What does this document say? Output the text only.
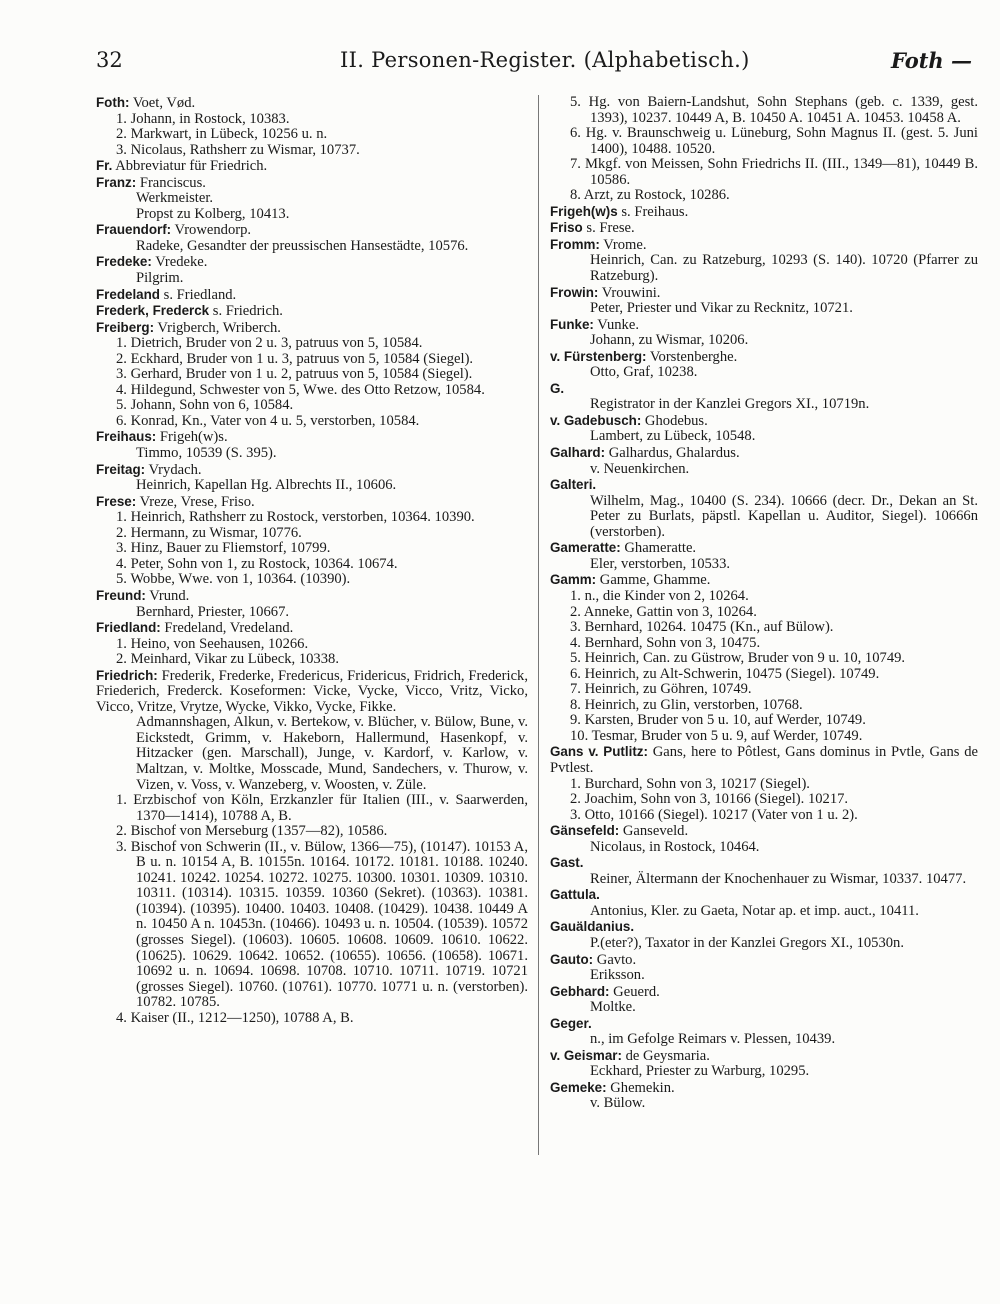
32	II. Personen-Register. (Alphabetisch.)	Foth —
Foth: Voet, Vød.
1. Johann, in Rostock, 10383.
2. Markwart, in Lübeck, 10256 u. n.
3. Nicolaus, Rathsherr zu Wismar, 10737.
Fr. Abbreviatur für Friedrich.
Franz: Franciscus.
Werkmeister.
Propst zu Kolberg, 10413.
Frauendorf: Vrowendorp.
Radeke, Gesandter der preussischen Hansestädte, 10576.
Fredeke: Vredeke.
Pilgrim.
Fredeland s. Friedland.
Frederk, Frederck s. Friedrich.
Freiberg: Vrigberch, Wriberch.
1. Dietrich, Bruder von 2 u. 3, patruus von 5, 10584.
2. Eckhard, Bruder von 1 u. 3, patruus von 5, 10584 (Siegel).
3. Gerhard, Bruder von 1 u. 2, patruus von 5, 10584 (Siegel).
4. Hildegund, Schwester von 5, Wwe. des Otto Retzow, 10584.
5. Johann, Sohn von 6, 10584.
6. Konrad, Kn., Vater von 4 u. 5, verstorben, 10584.
Freihaus: Frigeh(w)s.
Timmo, 10539 (S. 395).
Freitag: Vrydach.
Heinrich, Kapellan Hg. Albrechts II., 10606.
Frese: Vreze, Vrese, Friso.
1. Heinrich, Rathsherr zu Rostock, verstorben, 10364. 10390.
2. Hermann, zu Wismar, 10776.
3. Hinz, Bauer zu Fliemstorf, 10799.
4. Peter, Sohn von 1, zu Rostock, 10364. 10674.
5. Wobbe, Wwe. von 1, 10364. (10390).
Freund: Vrund.
Bernhard, Priester, 10667.
Friedland: Fredeland, Vredeland.
1. Heino, von Seehausen, 10266.
2. Meinhard, Vikar zu Lübeck, 10338.
Friedrich: Frederik, Frederke, Fredericus, Fridericus, Fridrich, Frederick, Friederich, Frederck. Koseformen: Vicke, Vycke, Vicco, Vritz, Vicko, Vicco, Vritze, Vrytze, Wycke, Vikko, Vycke, Fikke.
Admannshagen, Alkun, v. Bertekow, v. Blücher, v. Bülow, Bune, v. Eickstedt, Grimm, v. Hakeborn, Hallermund, Hasenkopf, v. Hitzacker (gen. Marschall), Junge, v. Kardorf, v. Karlow, v. Maltzan, v. Moltke, Mosscade, Mund, Sandechers, v. Thurow, v. Vizen, v. Voss, v. Wanzeberg, v. Woosten, v. Züle.
1. Erzbischof von Köln, Erzkanzler für Italien (III., v. Saarwerden, 1370—1414), 10788 A, B.
2. Bischof von Merseburg (1357—82), 10586.
3. Bischof von Schwerin (II., v. Bülow, 1366—75), (10147). 10153 A, B u. n. 10154 A, B. 10155n. 10164. 10172. 10181. 10188. 10240. 10241. 10242. 10254. 10272. 10275. 10300. 10301. 10309. 10310. 10311. (10314). 10315. 10359. 10360 (Sekret). (10363). 10381. (10394). (10395). 10400. 10403. 10408. (10429). 10438. 10449 A n. 10450 A n. 10453n. (10466). 10493 u. n. 10504. (10539). 10572 (grosses Siegel). (10603). 10605. 10608. 10609. 10610. 10622. (10625). 10629. 10642. 10652. (10655). 10656. (10658). 10671. 10692 u. n. 10694. 10698. 10708. 10710. 10711. 10719. 10721 (grosses Siegel). 10760. (10761). 10770. 10771 u. n. (verstorben). 10782. 10785.
4. Kaiser (II., 1212—1250), 10788 A, B.
5. Hg. von Baiern-Landshut, Sohn Stephans (geb. c. 1339, gest. 1393), 10237. 10449 A, B. 10450 A. 10451 A. 10453. 10458 A.
6. Hg. v. Braunschweig u. Lüneburg, Sohn Magnus II. (gest. 5. Juni 1400), 10488. 10520.
7. Mkgf. von Meissen, Sohn Friedrichs II. (III., 1349—81), 10449 B. 10586.
8. Arzt, zu Rostock, 10286.
Frigeh(w)s s. Freihaus.
Friso s. Frese.
Fromm: Vrome.
Heinrich, Can. zu Ratzeburg, 10293 (S. 140). 10720 (Pfarrer zu Ratzeburg).
Frowin: Vrouwini.
Peter, Priester und Vikar zu Recknitz, 10721.
Funke: Vunke.
Johann, zu Wismar, 10206.
v. Fürstenberg: Vorstenberghe.
Otto, Graf, 10238.
G.
Registrator in der Kanzlei Gregors XI., 10719n.
v. Gadebusch: Ghodebus.
Lambert, zu Lübeck, 10548.
Galhard: Galhardus, Ghalardus.
v. Neuenkirchen.
Galteri.
Wilhelm, Mag., 10400 (S. 234). 10666 (decr. Dr., Dekan an St. Peter zu Burlats, päpstl. Kapellan u. Auditor, Siegel). 10666n (verstorben).
Gameratte: Ghameratte.
Eler, verstorben, 10533.
Gamm: Gamme, Ghamme.
1. n., die Kinder von 2, 10264.
2. Anneke, Gattin von 3, 10264.
3. Bernhard, 10264. 10475 (Kn., auf Bülow).
4. Bernhard, Sohn von 3, 10475.
5. Heinrich, Can. zu Güstrow, Bruder von 9 u. 10, 10749.
6. Heinrich, zu Alt-Schwerin, 10475 (Siegel). 10749.
7. Heinrich, zu Göhren, 10749.
8. Heinrich, zu Glin, verstorben, 10768.
9. Karsten, Bruder von 5 u. 10, auf Werder, 10749.
10. Tesmar, Bruder von 5 u. 9, auf Werder, 10749.
Gans v. Putlitz: Gans, here to Pôtlest, Gans dominus in Pvtle, Gans de Pvtlest.
1. Burchard, Sohn von 3, 10217 (Siegel).
2. Joachim, Sohn von 3, 10166 (Siegel). 10217.
3. Otto, 10166 (Siegel). 10217 (Vater von 1 u. 2).
Gänsefeld: Ganseveld.
Nicolaus, in Rostock, 10464.
Gast.
Reiner, Ältermann der Knochenhauer zu Wismar, 10337. 10477.
Gattula.
Antonius, Kler. zu Gaeta, Notar ap. et imp. auct., 10411.
Gauäldanius.
P.(eter?), Taxator in der Kanzlei Gregors XI., 10530n.
Gauto: Gavto.
Eriksson.
Gebhard: Geuerd.
Moltke.
Geger.
n., im Gefolge Reimars v. Plessen, 10439.
v. Geismar: de Geysmaria.
Eckhard, Priester zu Warburg, 10295.
Gemeke: Ghemekin.
v. Bülow.
